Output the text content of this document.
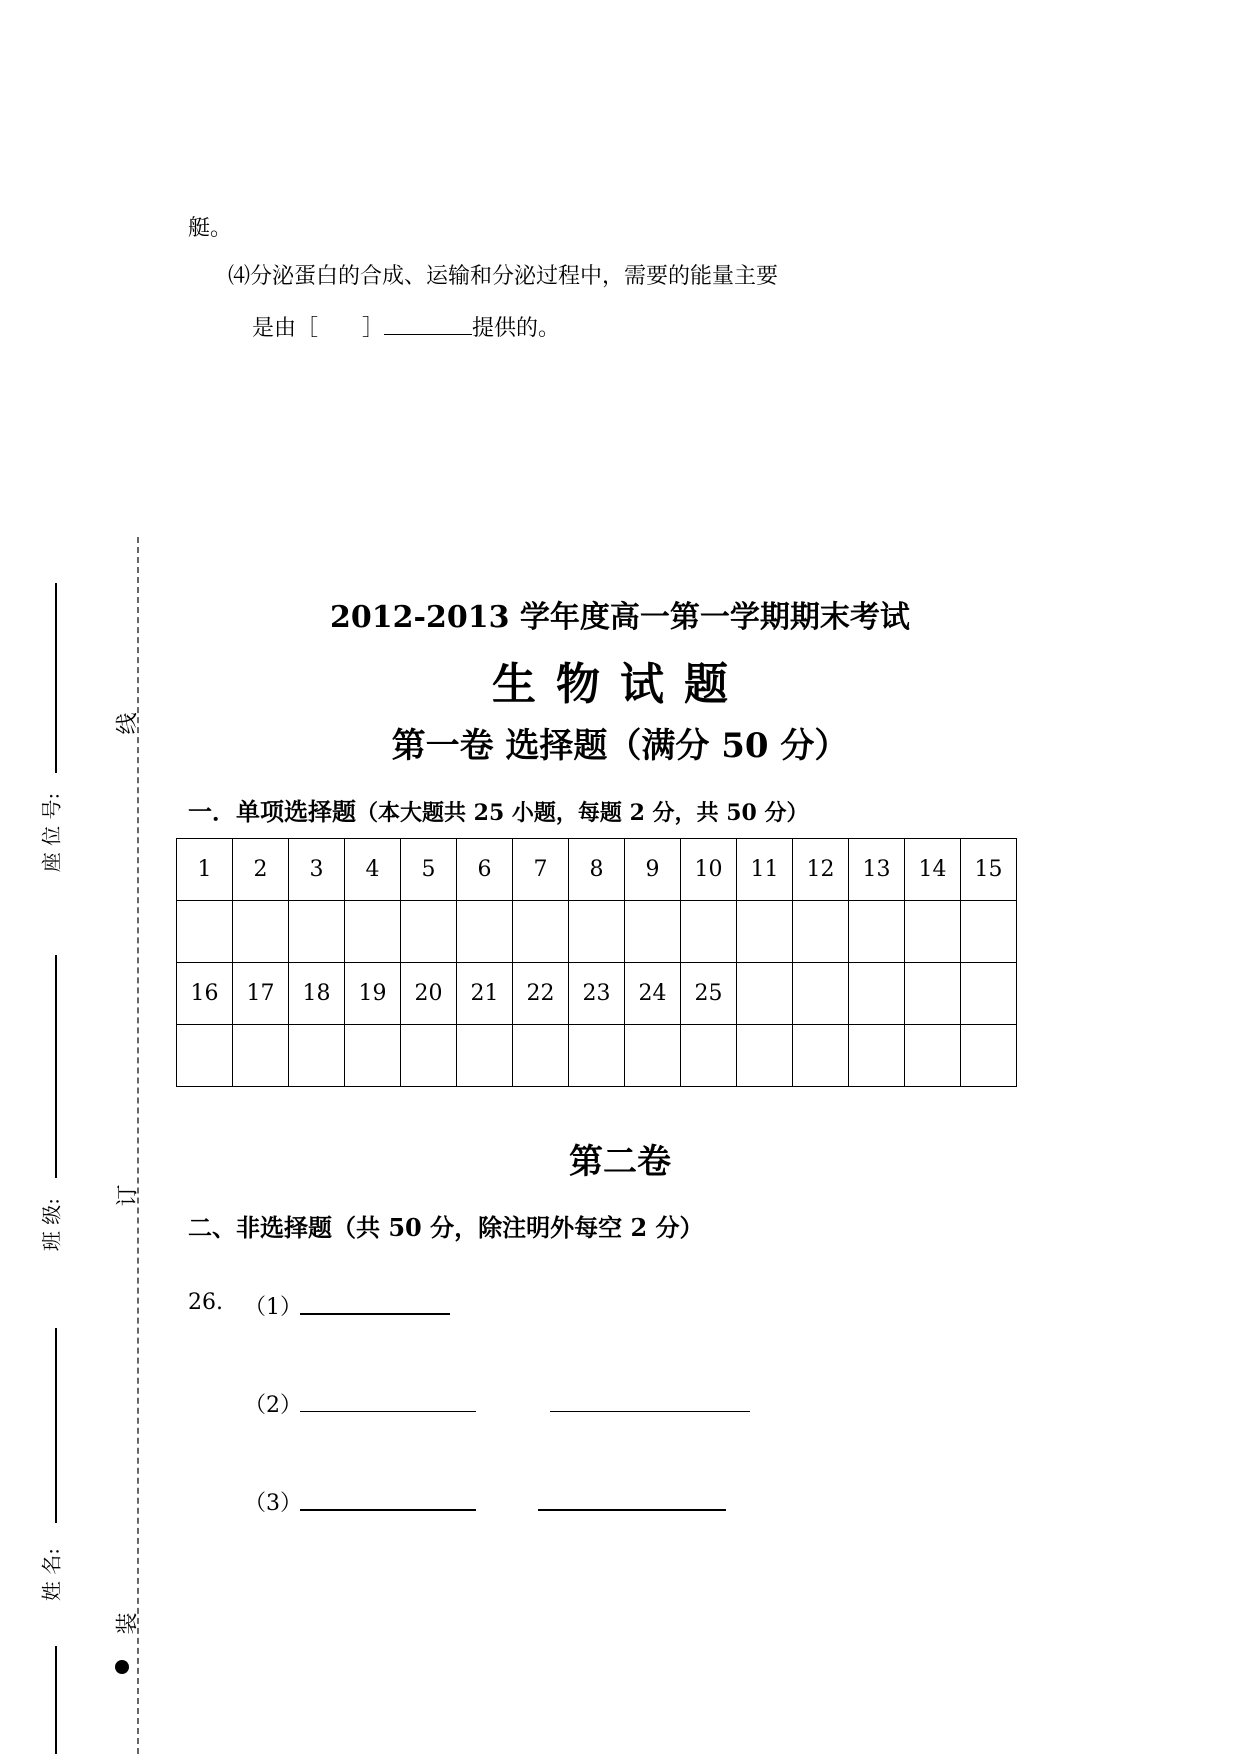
艇。
⑷分泌蛋白的合成、运输和分泌过程中，需要的能量主要
是由［　　］	提供的。
座 位 号:
班 级:
姓 名:
线
订
装
2012-2013 学年度高一第一学期期末考试
生物试题
第一卷 选择题（满分 50 分）
一．单项选择题（本大题共 25 小题，每题 2 分，共 50 分）
1	2	3	4	5	6	7	8	9	10	11	12	13	14	15

16	17	18	19	20	21	22	23	24	25					

第二卷
二、非选择题（共 50 分，除注明外每空 2 分）
26. （1）
（2）
（3）
